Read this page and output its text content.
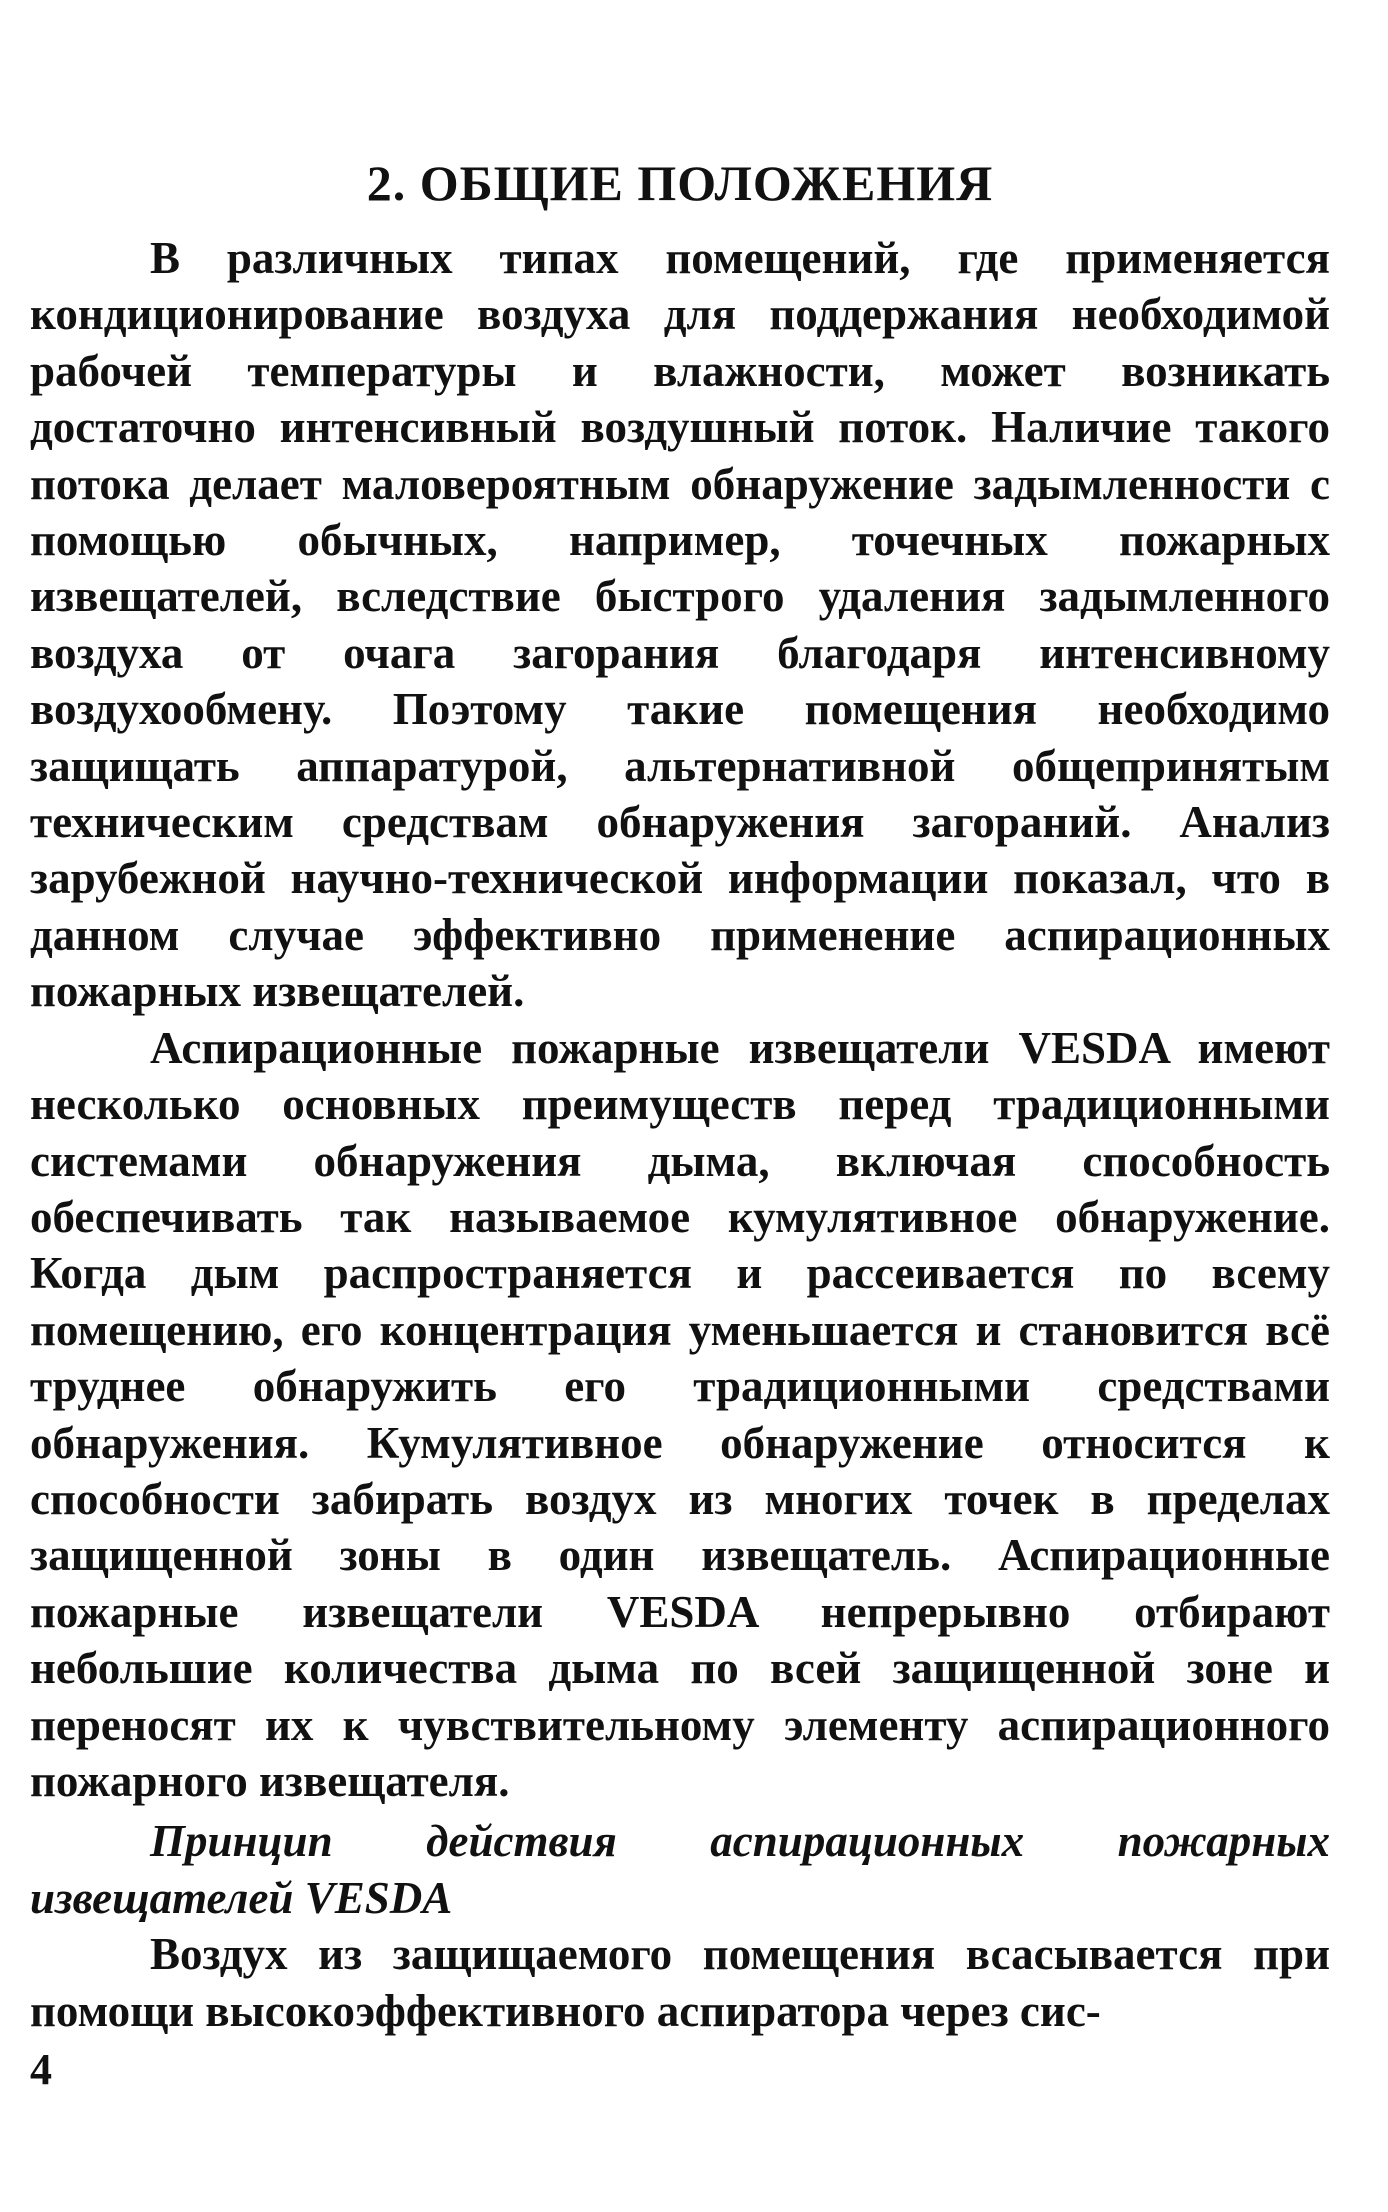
2. ОБЩИЕ ПОЛОЖЕНИЯ

В различных типах помещений, где применяется кондиционирование воздуха для поддержания необходимой рабочей температуры и влажности, может возникать достаточно интенсивный воздушный поток. Наличие такого потока делает маловероятным обнаружение задымленности с помощью обычных, например, точечных пожарных извещателей, вследствие быстрого удаления задымленного воздуха от очага загорания благодаря интенсивному воздухообмену. Поэтому такие помещения необходимо защищать аппаратурой, альтернативной общепринятым техническим средствам обнаружения загораний. Анализ зарубежной научно-технической информации показал, что в данном случае эффективно применение аспирационных пожарных извещателей.

Аспирационные пожарные извещатели VESDA имеют несколько основных преимуществ перед традиционными системами обнаружения дыма, включая способность обеспечивать так называемое кумулятивное обнаружение. Когда дым распространяется и рассеивается по всему помещению, его концентрация уменьшается и становится всё труднее обнаружить его традиционными средствами обнаружения. Кумулятивное обнаружение относится к способности забирать воздух из многих точек в пределах защищенной зоны в один извещатель. Аспирационные пожарные извещатели VESDA непрерывно отбирают небольшие количества дыма по всей защищенной зоне и переносят их к чувствительному элементу аспирационного пожарного извещателя.

Принцип действия аспирационных пожарных извещателей VESDA

Воздух из защищаемого помещения всасывается при помощи высокоэффективного аспиратора через сис-

4
